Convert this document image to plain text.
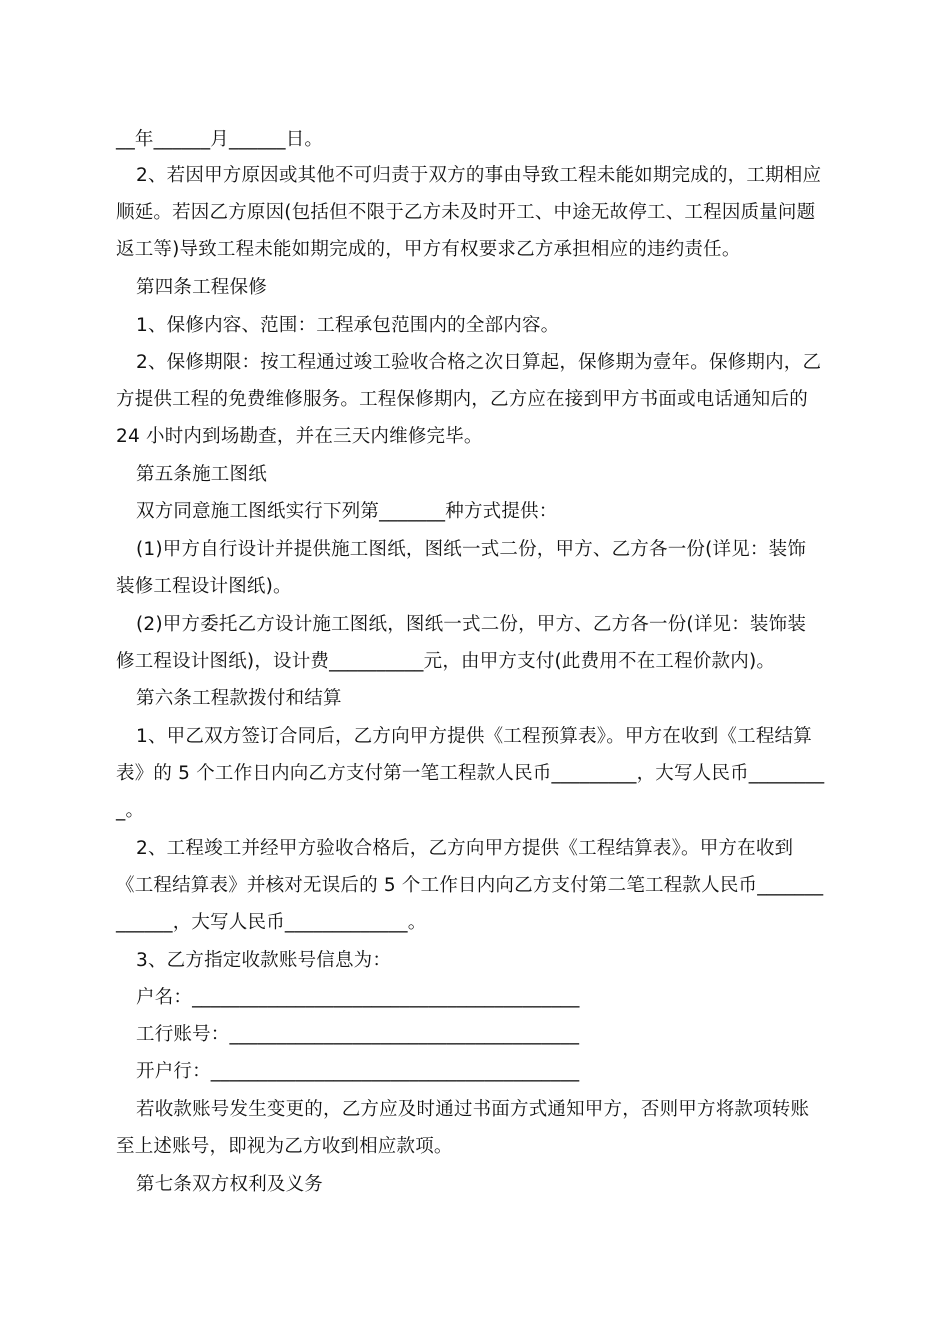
__年______月______日。
2、若因甲方原因或其他不可归责于双方的事由导致工程未能如期完成的，工期相应
顺延。若因乙方原因(包括但不限于乙方未及时开工、中途无故停工、工程因质量问题
返工等)导致工程未能如期完成的，甲方有权要求乙方承担相应的违约责任。
第四条工程保修
1、保修内容、范围：工程承包范围内的全部内容。
2、保修期限：按工程通过竣工验收合格之次日算起，保修期为壹年。保修期内，乙
方提供工程的免费维修服务。工程保修期内，乙方应在接到甲方书面或电话通知后的
24 小时内到场勘查，并在三天内维修完毕。
第五条施工图纸
双方同意施工图纸实行下列第_______种方式提供：
(1)甲方自行设计并提供施工图纸，图纸一式二份，甲方、乙方各一份(详见：装饰
装修工程设计图纸)。
(2)甲方委托乙方设计施工图纸，图纸一式二份，甲方、乙方各一份(详见：装饰装
修工程设计图纸)，设计费__________元，由甲方支付(此费用不在工程价款内)。
第六条工程款拨付和结算
1、甲乙双方签订合同后，乙方向甲方提供《工程预算表》。甲方在收到《工程结算
表》的 5 个工作日内向乙方支付第一笔工程款人民币_________，大写人民币________
_。
2、工程竣工并经甲方验收合格后，乙方向甲方提供《工程结算表》。甲方在收到
《工程结算表》并核对无误后的 5 个工作日内向乙方支付第二笔工程款人民币_______
______，大写人民币_____________。
3、乙方指定收款账号信息为：
户名：_________________________________________
工行账号：_____________________________________
开户行：_______________________________________
若收款账号发生变更的，乙方应及时通过书面方式通知甲方，否则甲方将款项转账
至上述账号，即视为乙方收到相应款项。
第七条双方权利及义务
